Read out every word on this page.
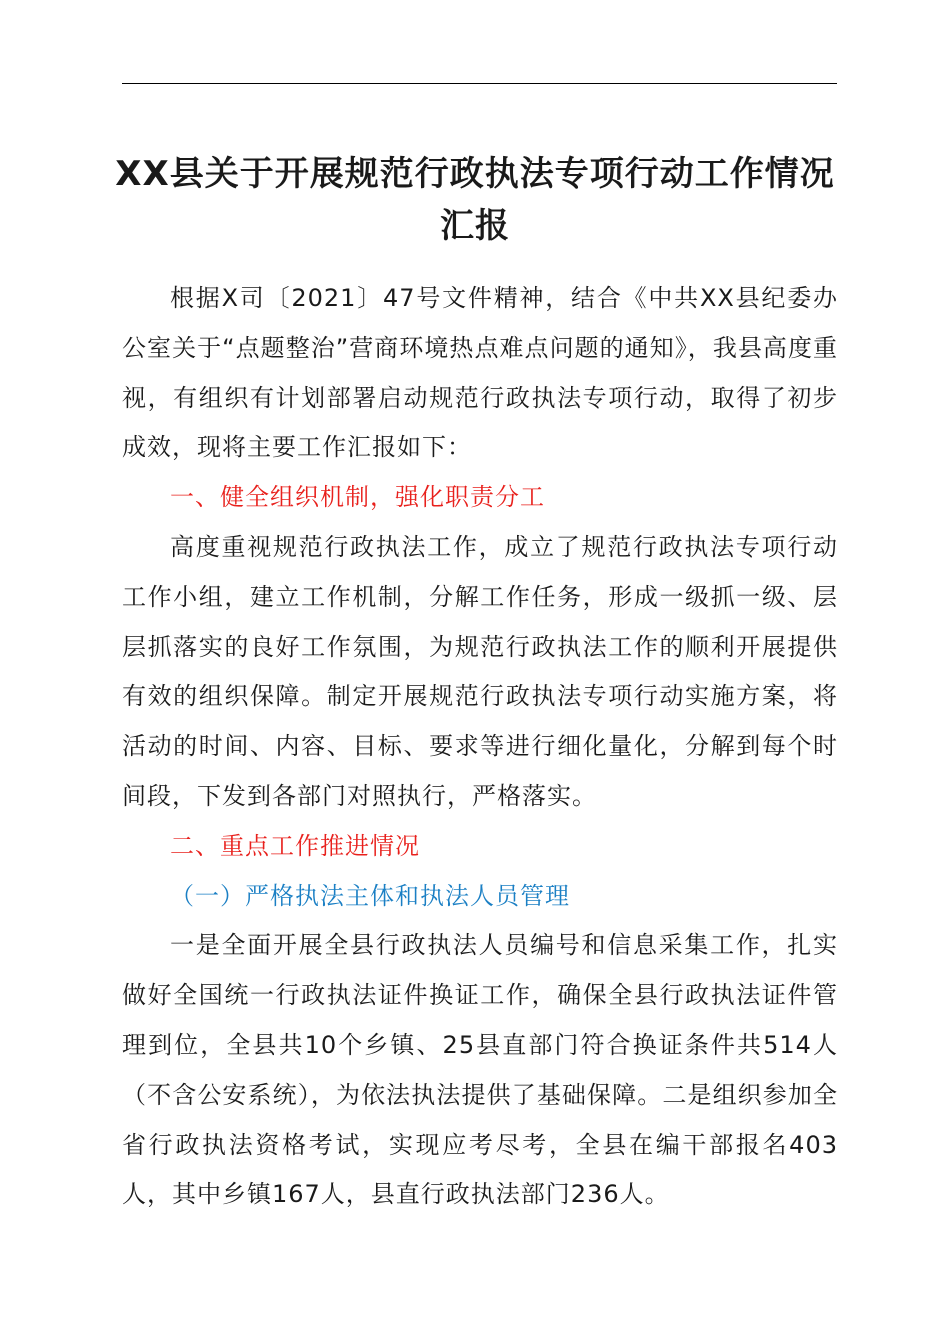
XX县关于开展规范行政执法专项行动工作情况汇报

根据X司〔2021〕47号文件精神，结合《中共XX县纪委办公室关于“点题整治”营商环境热点难点问题的通知》，我县高度重视，有组织有计划部署启动规范行政执法专项行动，取得了初步成效，现将主要工作汇报如下：

一、健全组织机制，强化职责分工

高度重视规范行政执法工作，成立了规范行政执法专项行动工作小组，建立工作机制，分解工作任务，形成一级抓一级、层层抓落实的良好工作氛围，为规范行政执法工作的顺利开展提供有效的组织保障。制定开展规范行政执法专项行动实施方案，将活动的时间、内容、目标、要求等进行细化量化，分解到每个时间段，下发到各部门对照执行，严格落实。

二、重点工作推进情况

（一）严格执法主体和执法人员管理

一是全面开展全县行政执法人员编号和信息采集工作，扎实做好全国统一行政执法证件换证工作，确保全县行政执法证件管理到位，全县共10个乡镇、25县直部门符合换证条件共514人（不含公安系统），为依法执法提供了基础保障。二是组织参加全省行政执法资格考试，实现应考尽考，全县在编干部报名403人，其中乡镇167人，县直行政执法部门236人。
